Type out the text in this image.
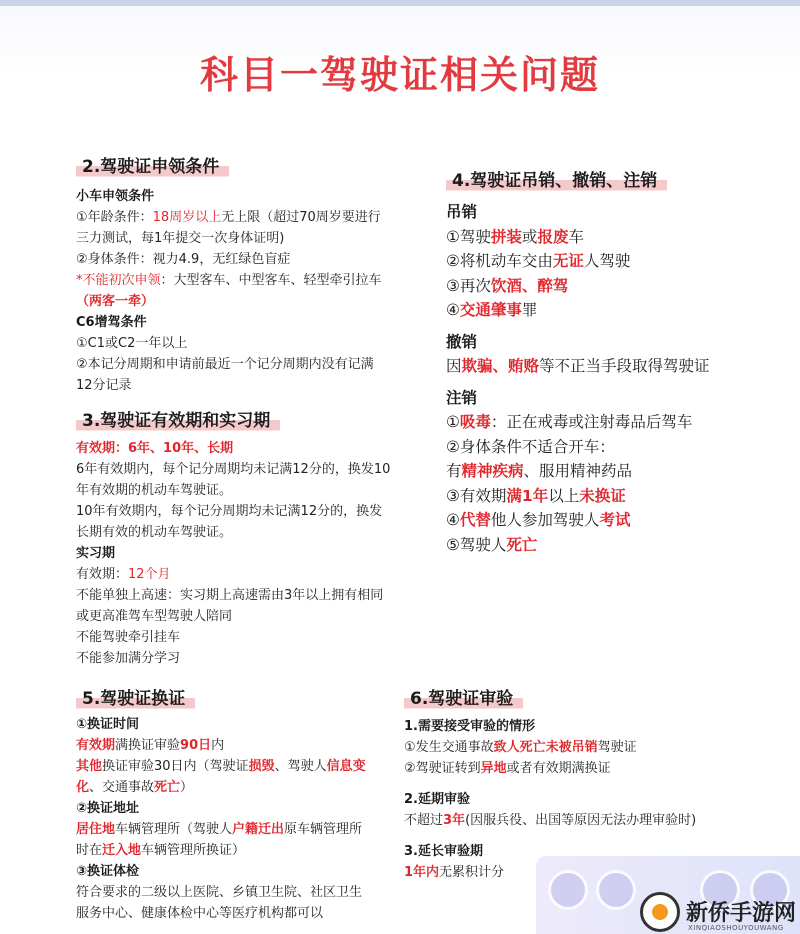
科目一驾驶证相关问题
2.驾驶证申领条件
小车申领条件
①年龄条件：18周岁以上无上限（超过70周岁要进行
三力测试，每1年提交一次身体证明)
②身体条件：视力4.9，无红绿色盲症
*不能初次申领：大型客车、中型客车、轻型牵引拉车
（两客一牵）
C6增驾条件
①C1或C2一年以上
②本记分周期和申请前最近一个记分周期内没有记满
12分记录
3.驾驶证有效期和实习期
有效期：6年、10年、长期
6年有效期内，每个记分周期均未记满12分的，换发10
年有效期的机动车驾驶证。
10年有效期内，每个记分周期均未记满12分的，换发
长期有效的机动车驾驶证。
实习期
有效期：12个月
不能单独上高速：实习期上高速需由3年以上拥有相同
或更高准驾车型驾驶人陪同
不能驾驶牵引挂车
不能参加满分学习
4.驾驶证吊销、撤销、注销
吊销
①驾驶拼装或报废车
②将机动车交由无证人驾驶
③再次饮酒、醉驾
④交通肇事罪
撤销
因欺骗、贿赂等不正当手段取得驾驶证
注销
①吸毒：正在戒毒或注射毒品后驾车
②身体条件不适合开车：
有精神疾病、服用精神药品
③有效期满1年以上未换证
④代替他人参加驾驶人考试
⑤驾驶人死亡
5.驾驶证换证
①换证时间
有效期满换证审验90日内
其他换证审验30日内（驾驶证损毁、驾驶人信息变
化、交通事故死亡）
②换证地址
居住地车辆管理所（驾驶人户籍迁出原车辆管理所
时在迁入地车辆管理所换证）
③换证体检
符合要求的二级以上医院、乡镇卫生院、社区卫生
服务中心、健康体检中心等医疗机构都可以
6.驾驶证审验
1.需要接受审验的情形
①发生交通事故致人死亡未被吊销驾驶证
②驾驶证转到异地或者有效期满换证
2.延期审验
不超过3年(因服兵役、出国等原因无法办理审验时)
3.延长审验期
1年内无累积计分
新侨手游网
XINQIAOSHOUYOUWANG
